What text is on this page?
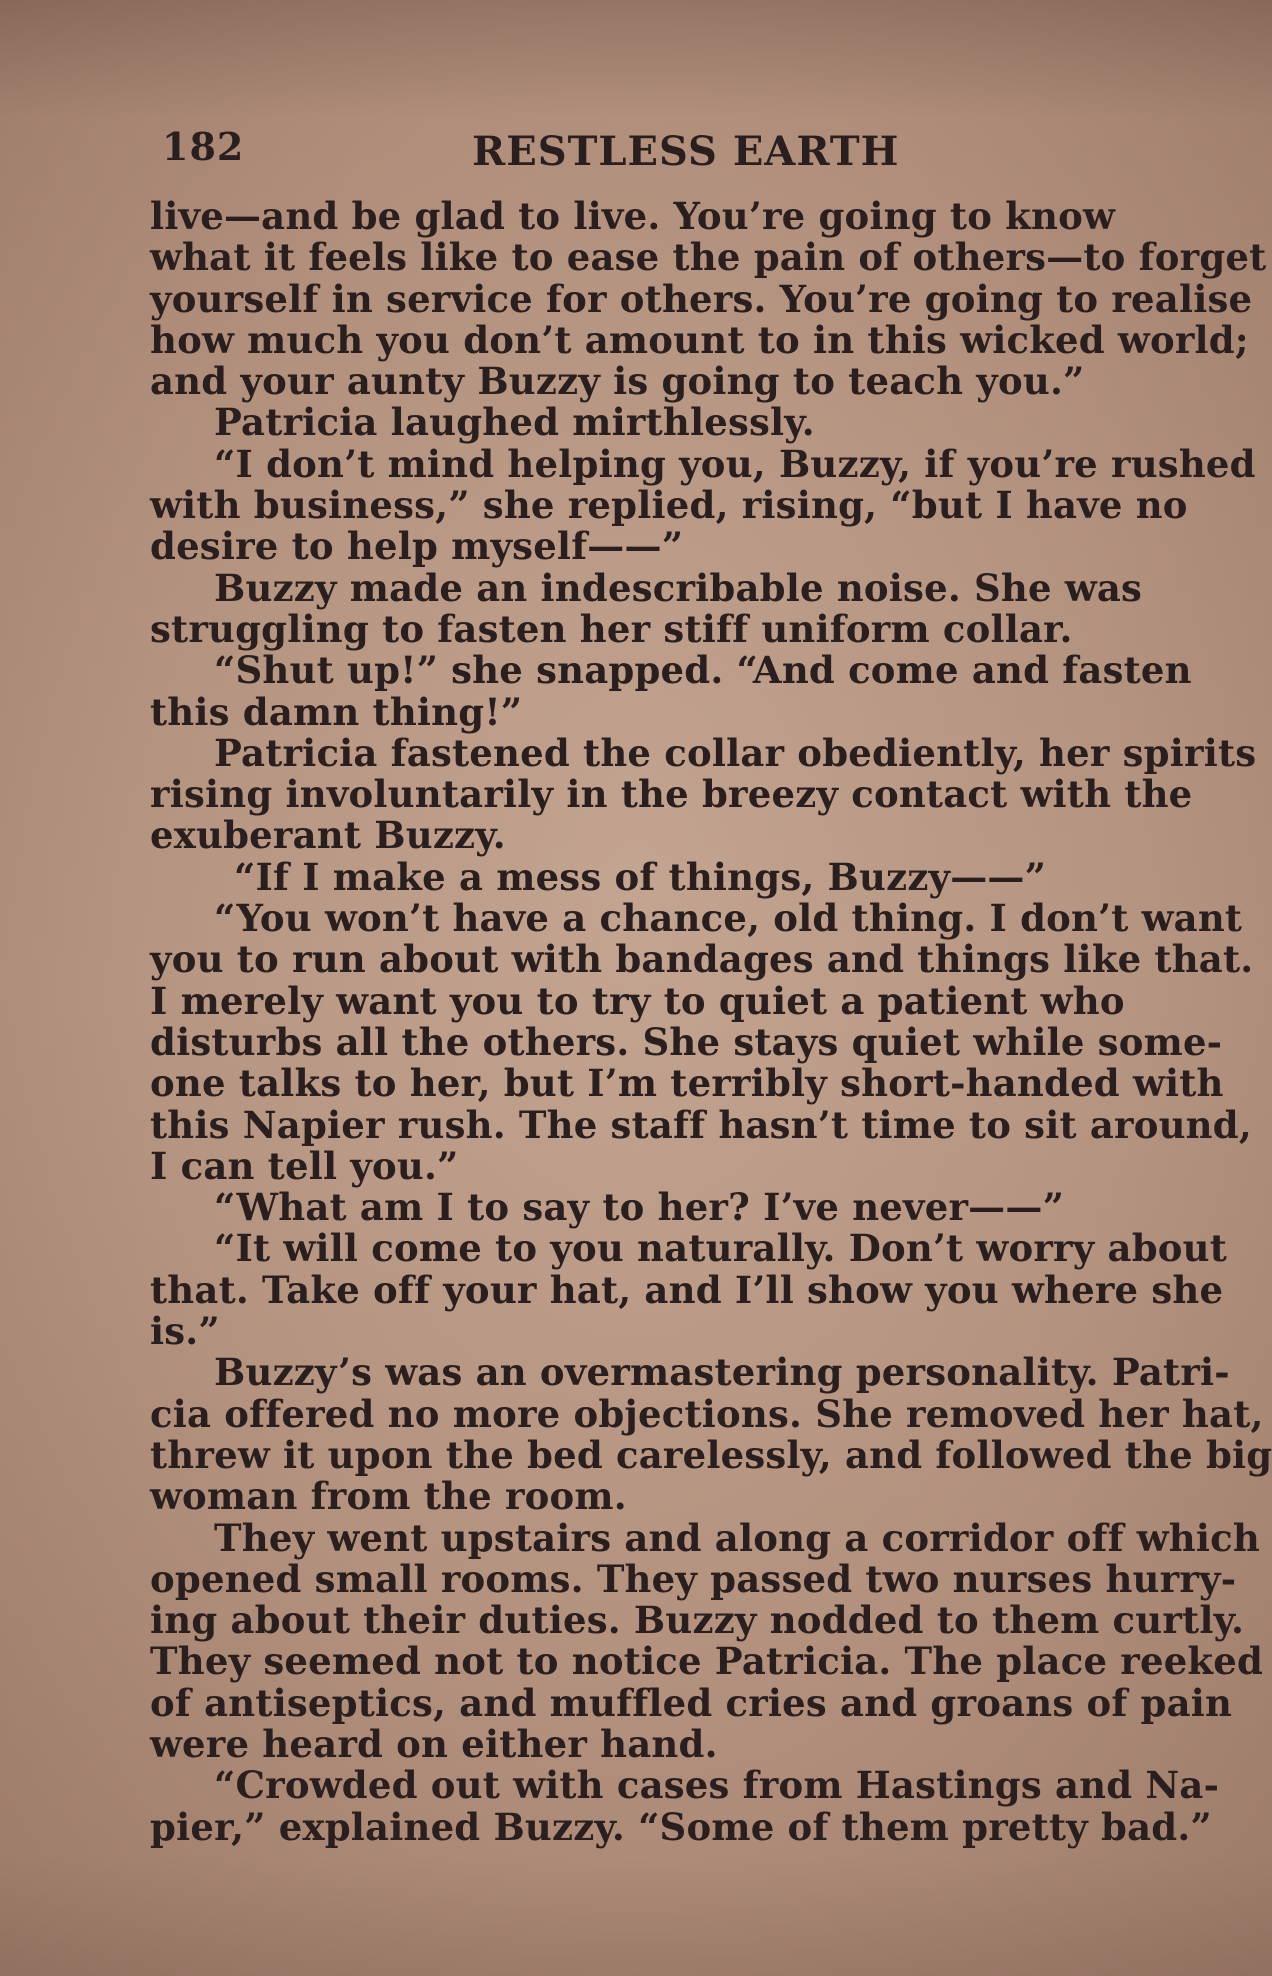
182	RESTLESS EARTH
live—and be glad to live. You’re going to know
what it feels like to ease the pain of others—to forget
yourself in service for others. You’re going to realise
how much you don’t amount to in this wicked world;
and your aunty Buzzy is going to teach you.”
Patricia laughed mirthlessly.
“I don’t mind helping you, Buzzy, if you’re rushed
with business,” she replied, rising, “but I have no
desire to help myself——”
Buzzy made an indescribable noise. She was
struggling to fasten her stiff uniform collar.
“Shut up!” she snapped. “And come and fasten
this damn thing!”
Patricia fastened the collar obediently, her spirits
rising involuntarily in the breezy contact with the
exuberant Buzzy.
“If I make a mess of things, Buzzy——”
“You won’t have a chance, old thing. I don’t want
you to run about with bandages and things like that.
I merely want you to try to quiet a patient who
disturbs all the others. She stays quiet while some-
one talks to her, but I’m terribly short-handed with
this Napier rush. The staff hasn’t time to sit around,
I can tell you.”
“What am I to say to her? I’ve never——”
“It will come to you naturally. Don’t worry about
that. Take off your hat, and I’ll show you where she
is.”
Buzzy’s was an overmastering personality. Patri-
cia offered no more objections. She removed her hat,
threw it upon the bed carelessly, and followed the big
woman from the room.
They went upstairs and along a corridor off which
opened small rooms. They passed two nurses hurry-
ing about their duties. Buzzy nodded to them curtly.
They seemed not to notice Patricia. The place reeked
of antiseptics, and muffled cries and groans of pain
were heard on either hand.
“Crowded out with cases from Hastings and Na-
pier,” explained Buzzy. “Some of them pretty bad.”
